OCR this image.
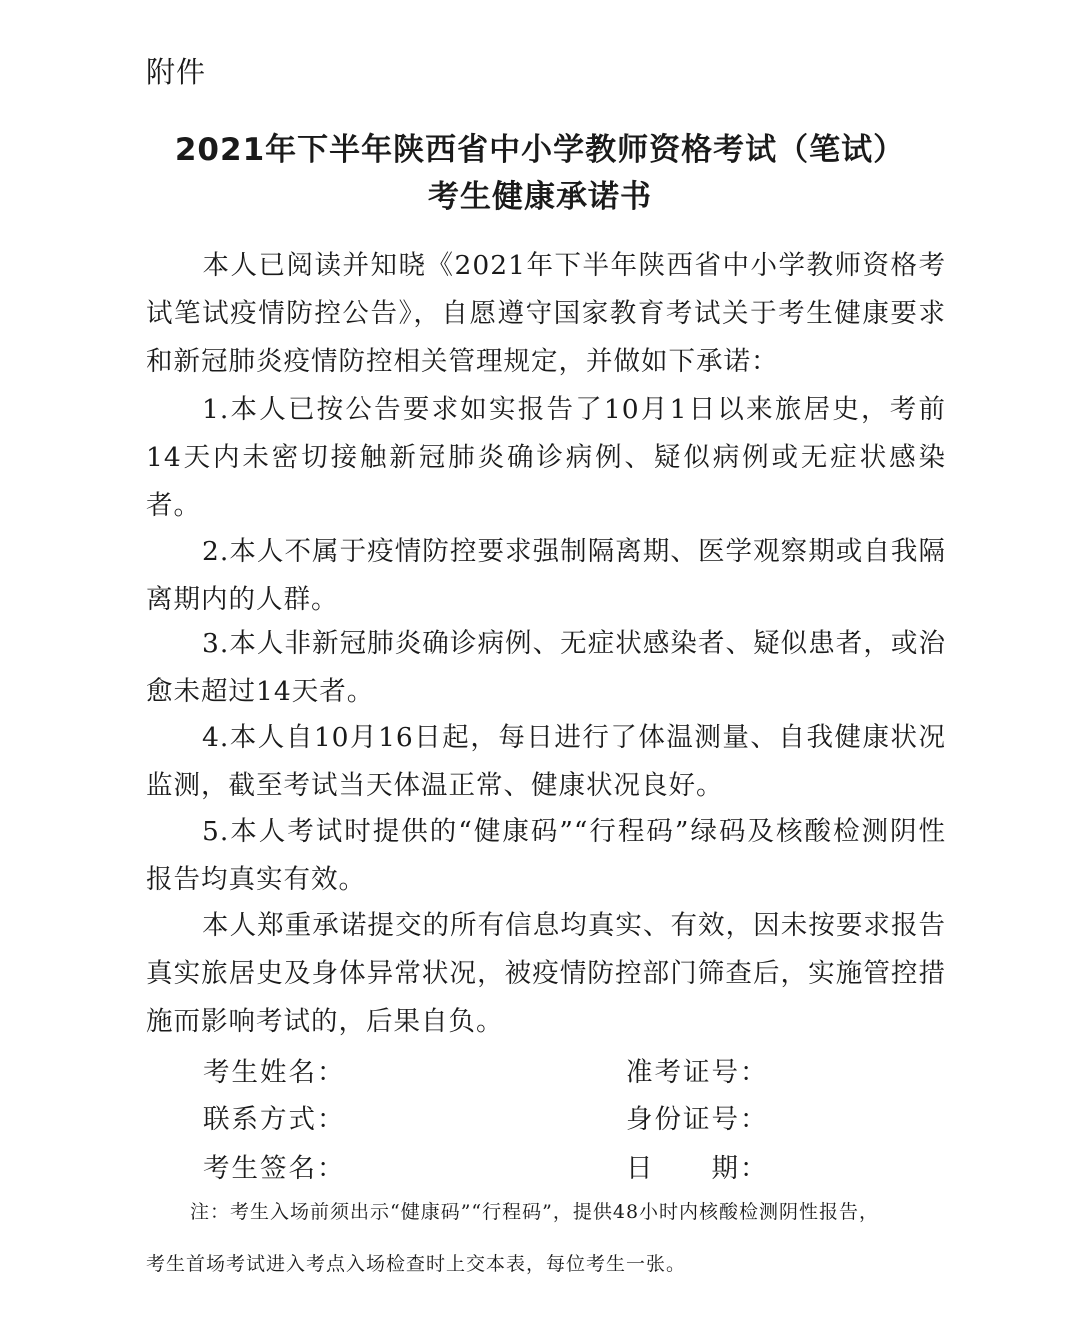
附件
2021年下半年陕西省中小学教师资格考试（笔试）
考生健康承诺书
本人已阅读并知晓《2021年下半年陕西省中小学教师资格考试笔试疫情防控公告》，自愿遵守国家教育考试关于考生健康要求和新冠肺炎疫情防控相关管理规定，并做如下承诺：
1.本人已按公告要求如实报告了10月1日以来旅居史，考前14天内未密切接触新冠肺炎确诊病例、疑似病例或无症状感染者。
2.本人不属于疫情防控要求强制隔离期、医学观察期或自我隔离期内的人群。
3.本人非新冠肺炎确诊病例、无症状感染者、疑似患者，或治愈未超过14天者。
4.本人自10月16日起，每日进行了体温测量、自我健康状况监测，截至考试当天体温正常、健康状况良好。
5.本人考试时提供的“健康码”“行程码”绿码及核酸检测阴性报告均真实有效。
本人郑重承诺提交的所有信息均真实、有效，因未按要求报告真实旅居史及身体异常状况，被疫情防控部门筛查后，实施管控措施而影响考试的，后果自负。
考生姓名：	准考证号：
联系方式：	身份证号：
考生签名：	日　　期：
注：考生入场前须出示“健康码”“行程码”，提供48小时内核酸检测阴性报告，
考生首场考试进入考点入场检查时上交本表，每位考生一张。
